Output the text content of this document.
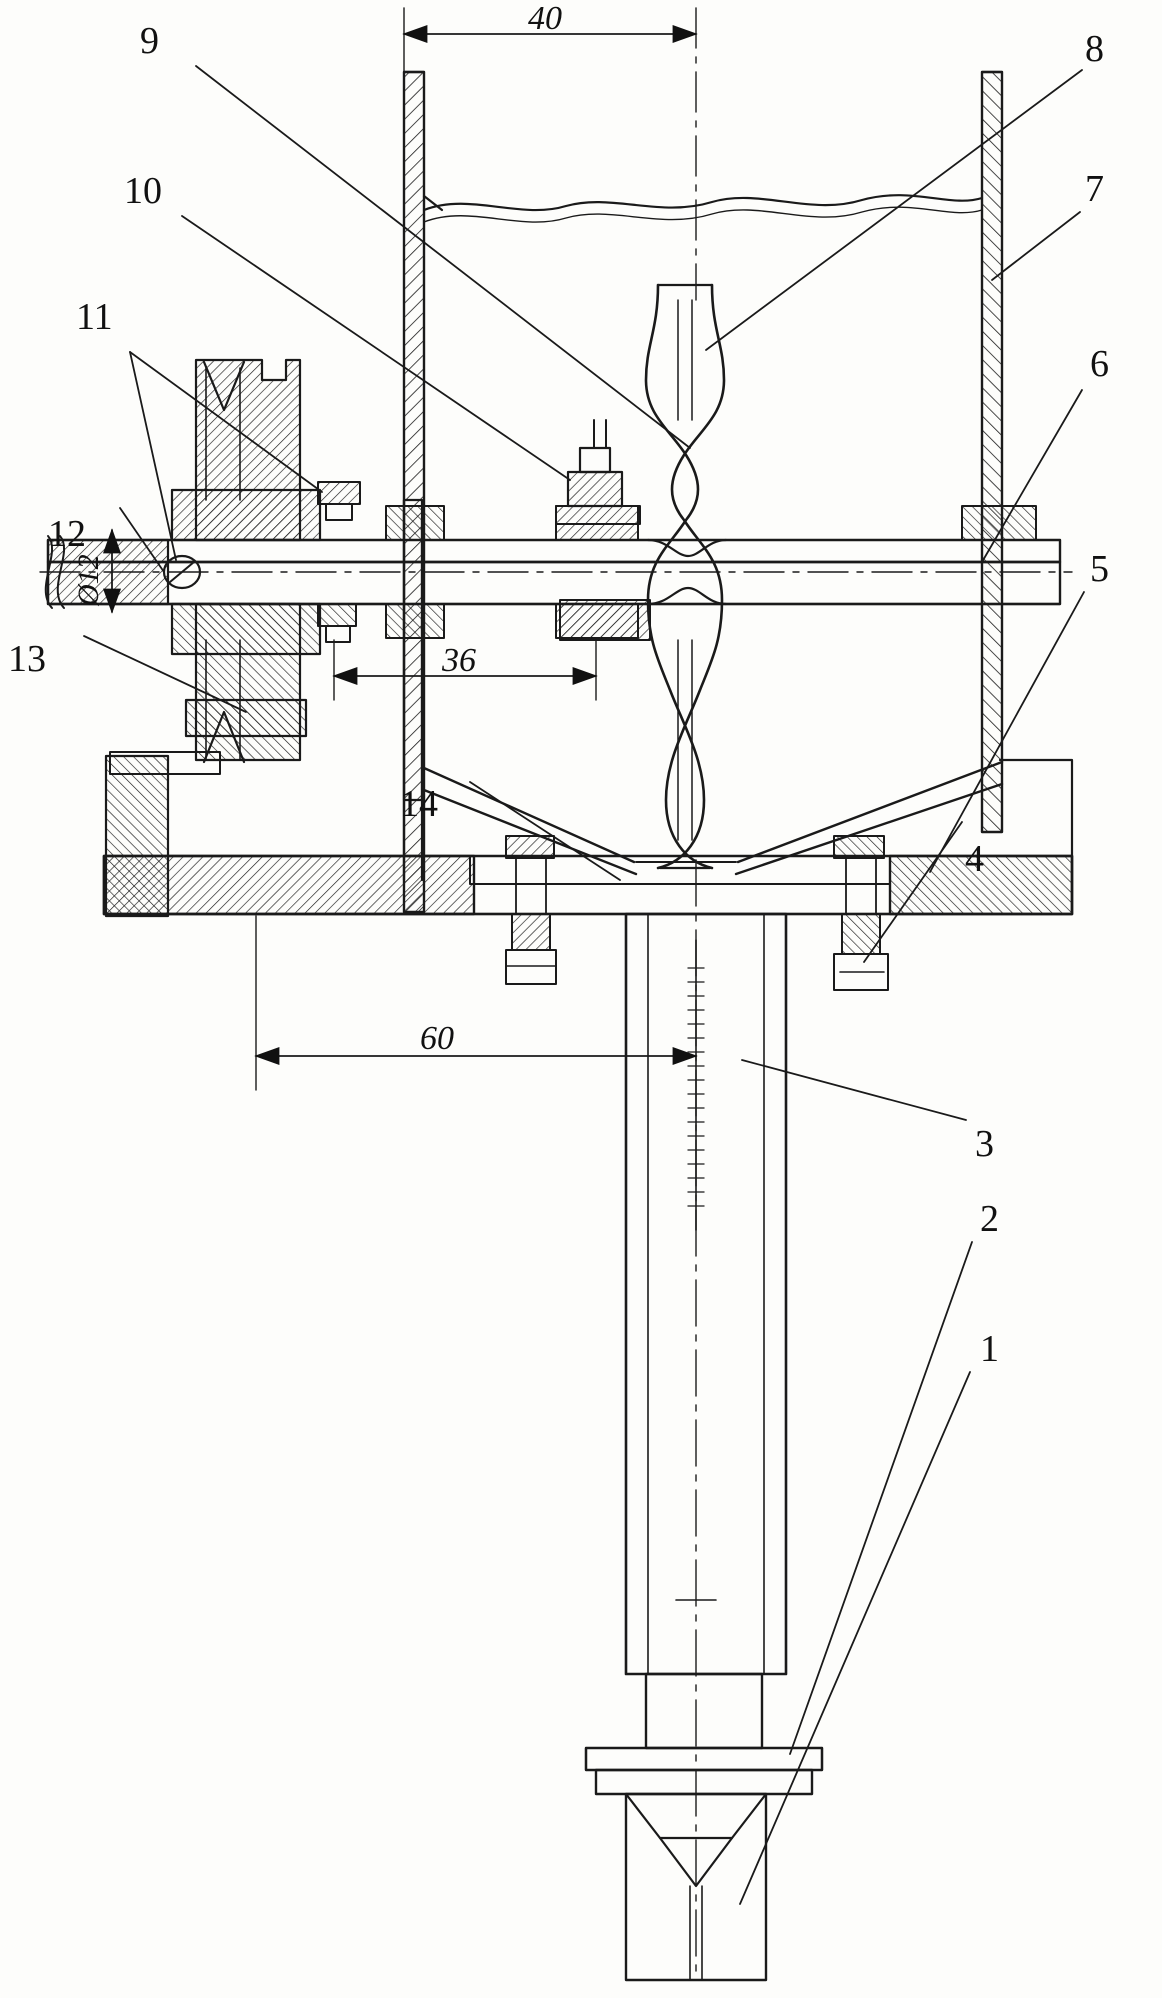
9
10
11
12
13
14
8
7
6
5
4
3
2
1
40
36
60
Ø12
